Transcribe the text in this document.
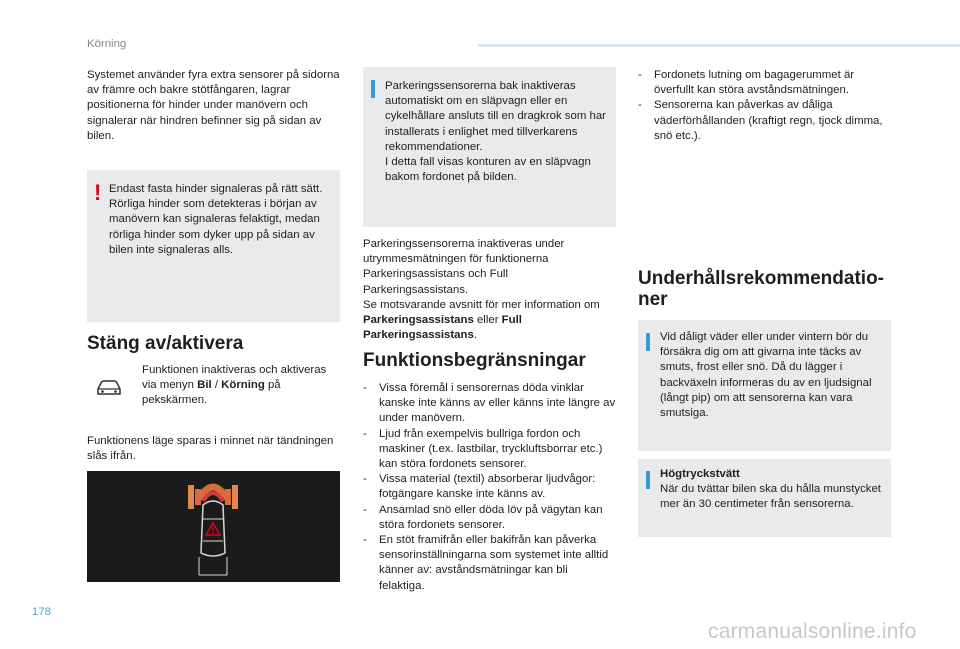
Körning
Systemet använder fyra extra sensorer på sidorna av främre och bakre stötfångaren, lagrar positionerna för hinder under manövern och signalerar när hindren befinner sig på sidan av bilen.
! Endast fasta hinder signaleras på rätt sätt. Rörliga hinder som detekteras i början av manövern kan signaleras felaktigt, medan rörliga hinder som dyker upp på sidan av bilen inte signaleras alls.
Stäng av/aktivera
Funktionen inaktiveras och aktiveras via menyn Bil / Körning på pekskärmen.
Funktionens läge sparas i minnet när tändningen slås ifrån.
Parkeringssensorerna bak inaktiveras automatiskt om en släpvagn eller en cykelhållare ansluts till en dragkrok som har installerats i enlighet med tillverkarens rekommendationer.
I detta fall visas konturen av en släpvagn bakom fordonet på bilden.
Parkeringssensorerna inaktiveras under utrymmesmätningen för funktionerna Parkeringsassistans och Full Parkeringsassistans.
Se motsvarande avsnitt för mer information om Parkeringsassistans eller Full Parkeringsassistans.
Funktionsbegränsningar
- Vissa föremål i sensorernas döda vinklar kanske inte känns av eller känns inte längre av under manövern.
- Ljud från exempelvis bullriga fordon och maskiner (t.ex. lastbilar, tryckluftsborrar etc.) kan störa fordonets sensorer.
- Vissa material (textil) absorberar ljudvågor: fotgängare kanske inte känns av.
- Ansamlad snö eller döda löv på vägytan kan störa fordonets sensorer.
- En stöt framifrån eller bakifrån kan påverka sensorinställningarna som systemet inte alltid känner av: avståndsmätningar kan bli felaktiga.
- Fordonets lutning om bagagerummet är överfullt kan störa avståndsmätningen.
- Sensorerna kan påverkas av dåliga väderförhållanden (kraftigt regn, tjock dimma, snö etc.).
Underhållsrekommendatio-ner
Vid dåligt väder eller under vintern bör du försäkra dig om att givarna inte täcks av smuts, frost eller snö. Då du lägger i backväxeln informeras du av en ljudsignal (långt pip) om att sensorerna kan vara smutsiga.
Högtryckstvätt
När du tvättar bilen ska du hålla munstycket mer än 30 centimeter från sensorerna.
178
carmanualsonline.info
